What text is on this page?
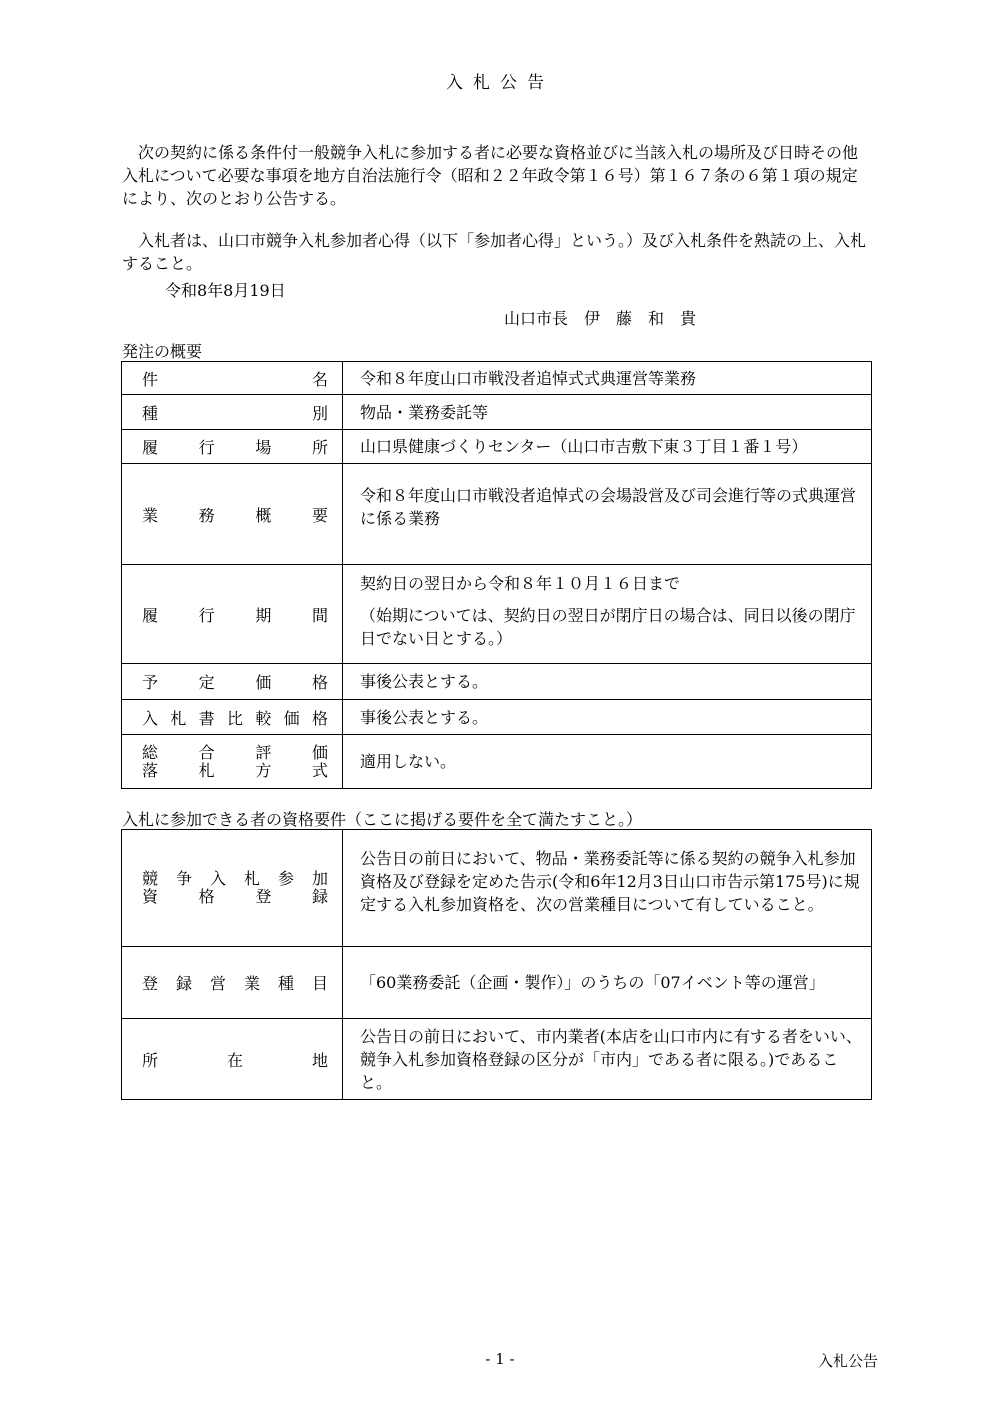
入札公告
次の契約に係る条件付一般競争入札に参加する者に必要な資格並びに当該入札の場所及び日時その他入札について必要な事項を地方自治法施行令（昭和２２年政令第１６号）第１６７条の６第１項の規定により、次のとおり公告する。
入札者は、山口市競争入札参加者心得（以下「参加者心得」という。）及び入札条件を熟読の上、入札すること。
令和8年8月19日
山口市長　伊　藤　和　貴
発注の概要
件名	令和８年度山口市戦没者追悼式式典運営等業務

種別	物品・業務委託等

履行場所	山口県健康づくりセンター（山口市吉敷下東３丁目１番１号）

業務概要	令和８年度山口市戦没者追悼式の会場設営及び司会進行等の式典運営に係る業務

履行期間	契約日の翌日から令和８年１０月１６日まで
（始期については、契約日の翌日が閉庁日の場合は、同日以後の閉庁日でない日とする。）

予定価格	事後公表とする。

入札書比較価格	事後公表とする。

総合評価
落札方式	適用しない。
入札に参加できる者の資格要件（ここに掲げる要件を全て満たすこと。）
競争入札参加
資格登録	公告日の前日において、物品・業務委託等に係る契約の競争入札参加資格及び登録を定めた告示(令和6年12月3日山口市告示第175号)に規定する入札参加資格を、次の営業種目について有していること。

登録営業種目	「60業務委託（企画・製作）」のうちの「07イベント等の運営」

所在地	公告日の前日において、市内業者(本店を山口市内に有する者をいい、競争入札参加資格登録の区分が「市内」である者に限る。)であること。
- 1 -	入札公告
